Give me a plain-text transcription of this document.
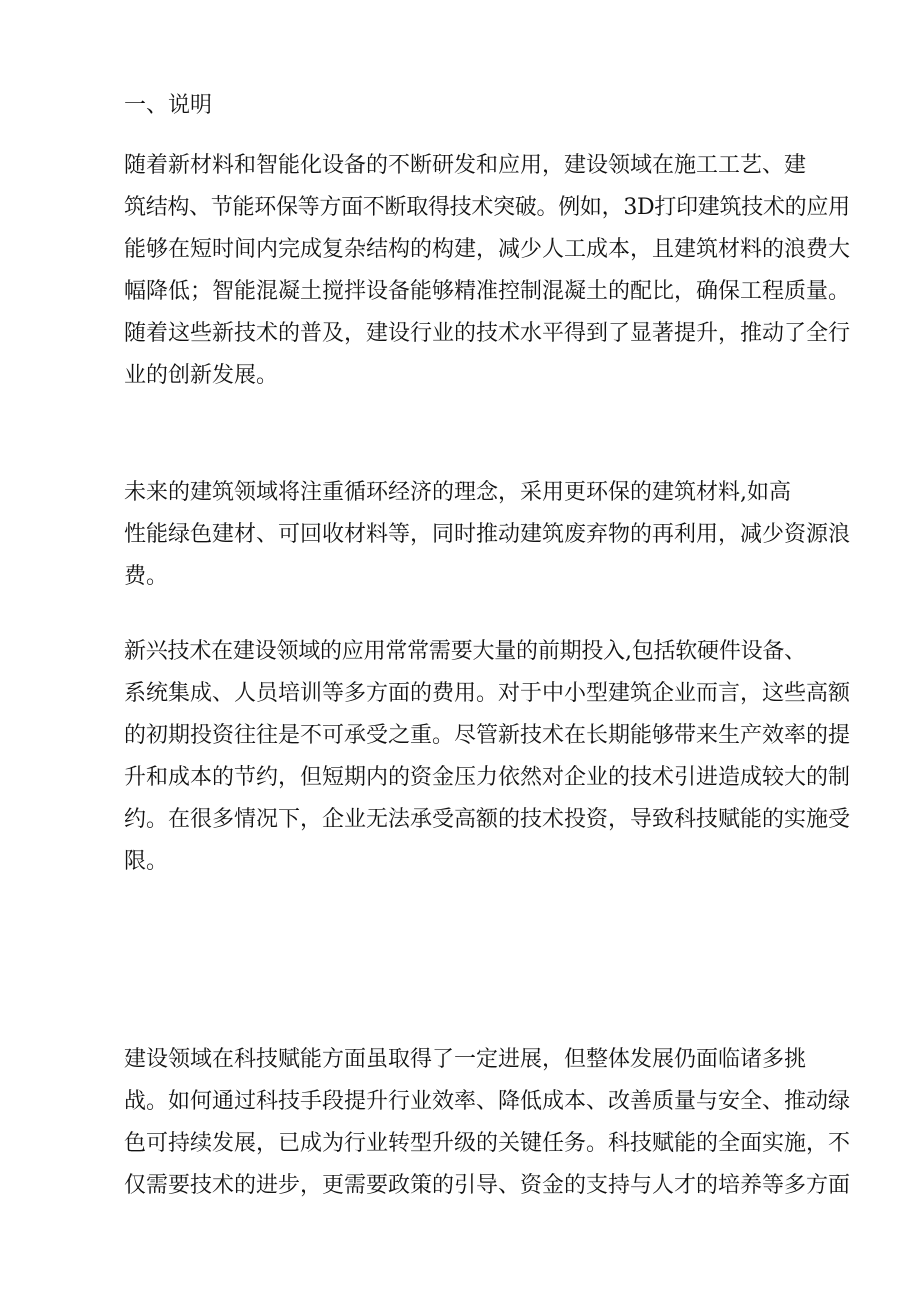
一、说明

随着新材料和智能化设备的不断研发和应用，建设领域在施工工艺、建
筑结构、节能环保等方面不断取得技术突破。例如，3D打印建筑技术的应用
能够在短时间内完成复杂结构的构建，减少人工成本，且建筑材料的浪费大
幅降低；智能混凝土搅拌设备能够精准控制混凝土的配比，确保工程质量。
随着这些新技术的普及，建设行业的技术水平得到了显著提升，推动了全行
业的创新发展。

未来的建筑领域将注重循环经济的理念，采用更环保的建筑材料,如高
性能绿色建材、可回收材料等，同时推动建筑废弃物的再利用，减少资源浪
费。

新兴技术在建设领域的应用常常需要大量的前期投入,包括软硬件设备、
系统集成、人员培训等多方面的费用。对于中小型建筑企业而言，这些高额
的初期投资往往是不可承受之重。尽管新技术在长期能够带来生产效率的提
升和成本的节约，但短期内的资金压力依然对企业的技术引进造成较大的制
约。在很多情况下，企业无法承受高额的技术投资，导致科技赋能的实施受
限。

建设领域在科技赋能方面虽取得了一定进展，但整体发展仍面临诸多挑
战。如何通过科技手段提升行业效率、降低成本、改善质量与安全、推动绿
色可持续发展，已成为行业转型升级的关键任务。科技赋能的全面实施，不
仅需要技术的进步，更需要政策的引导、资金的支持与人才的培养等多方面
